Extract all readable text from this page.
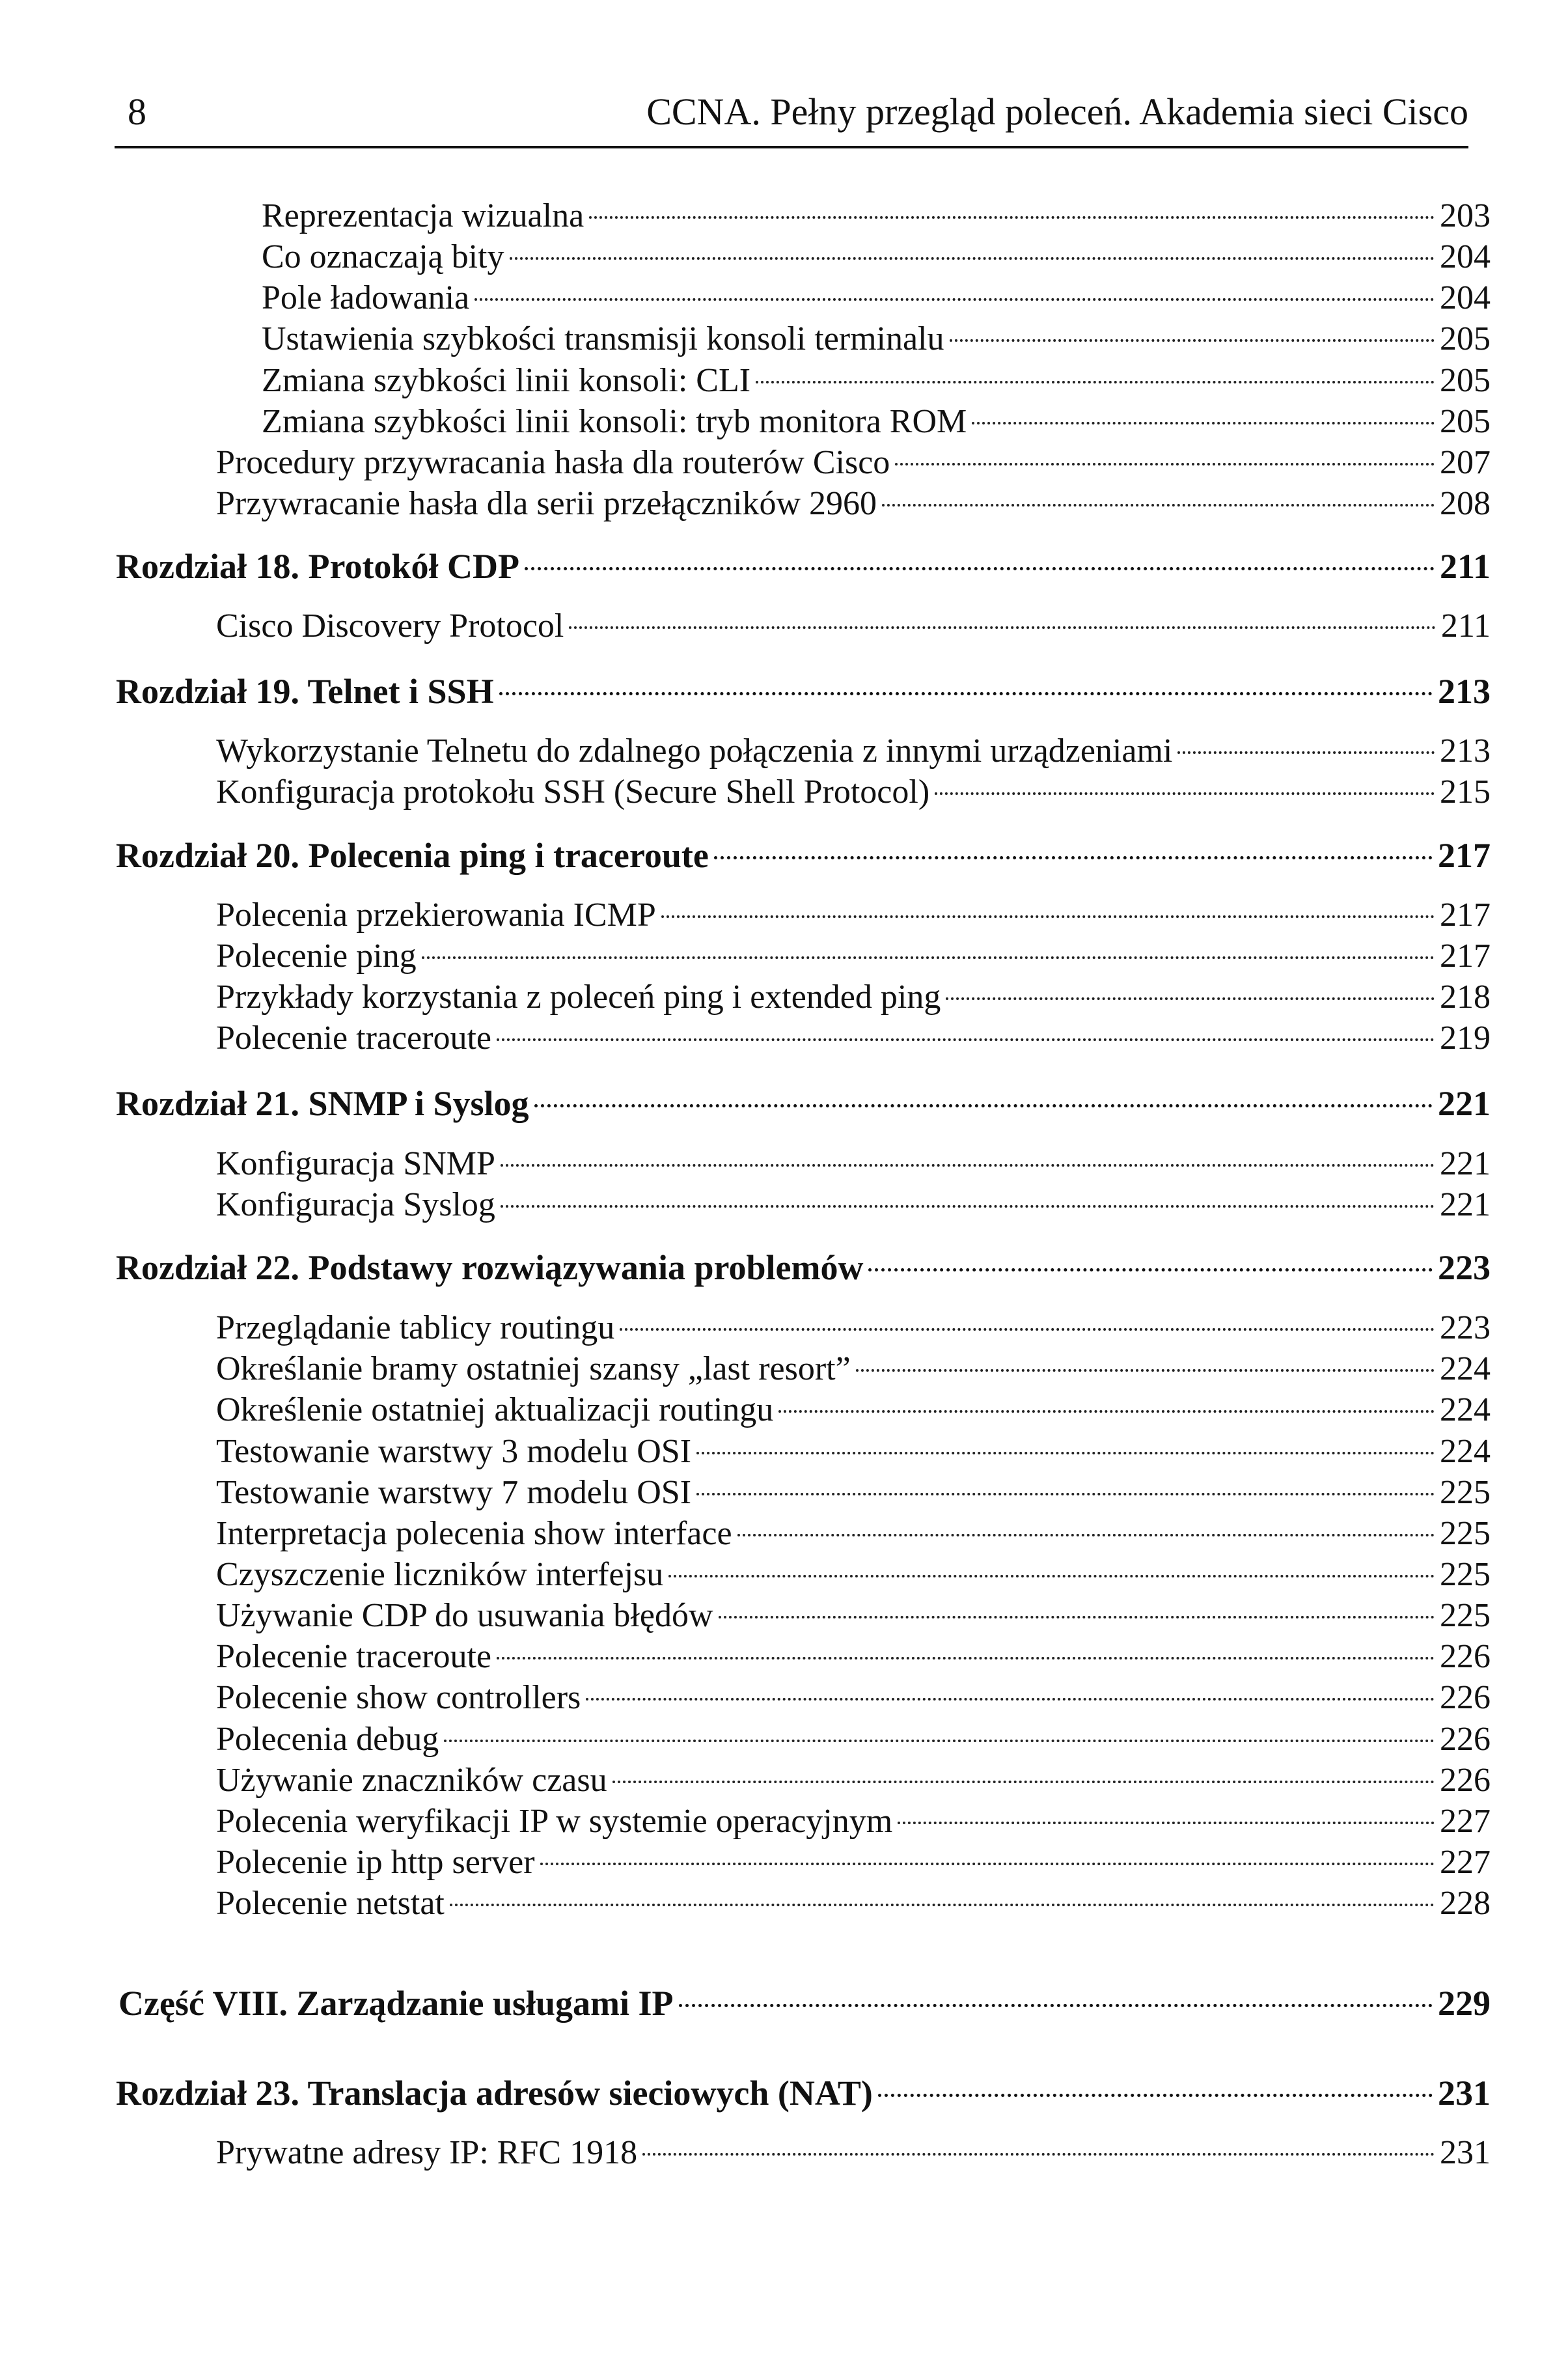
8	CCNA. Pełny przegląd poleceń. Akademia sieci Cisco
Reprezentacja wizualna	203
Co oznaczają bity	204
Pole ładowania	204
Ustawienia szybkości transmisji konsoli terminalu	205
Zmiana szybkości linii konsoli: CLI	205
Zmiana szybkości linii konsoli: tryb monitora ROM	205
Procedury przywracania hasła dla routerów Cisco	207
Przywracanie hasła dla serii przełączników 2960	208
Rozdział 18. Protokół CDP	211
Cisco Discovery Protocol	211
Rozdział 19. Telnet i SSH	213
Wykorzystanie Telnetu do zdalnego połączenia z innymi urządzeniami	213
Konfiguracja protokołu SSH (Secure Shell Protocol)	215
Rozdział 20. Polecenia ping i traceroute	217
Polecenia przekierowania ICMP	217
Polecenie ping	217
Przykłady korzystania z poleceń ping i extended ping	218
Polecenie traceroute	219
Rozdział 21. SNMP i Syslog	221
Konfiguracja SNMP	221
Konfiguracja Syslog	221
Rozdział 22. Podstawy rozwiązywania problemów	223
Przeglądanie tablicy routingu	223
Określanie bramy ostatniej szansy „last resort”	224
Określenie ostatniej aktualizacji routingu	224
Testowanie warstwy 3 modelu OSI	224
Testowanie warstwy 7 modelu OSI	225
Interpretacja polecenia show interface	225
Czyszczenie liczników interfejsu	225
Używanie CDP do usuwania błędów	225
Polecenie traceroute	226
Polecenie show controllers	226
Polecenia debug	226
Używanie znaczników czasu	226
Polecenia weryfikacji IP w systemie operacyjnym	227
Polecenie ip http server	227
Polecenie netstat	228
Część VIII. Zarządzanie usługami IP	229
Rozdział 23. Translacja adresów sieciowych (NAT)	231
Prywatne adresy IP: RFC 1918	231
